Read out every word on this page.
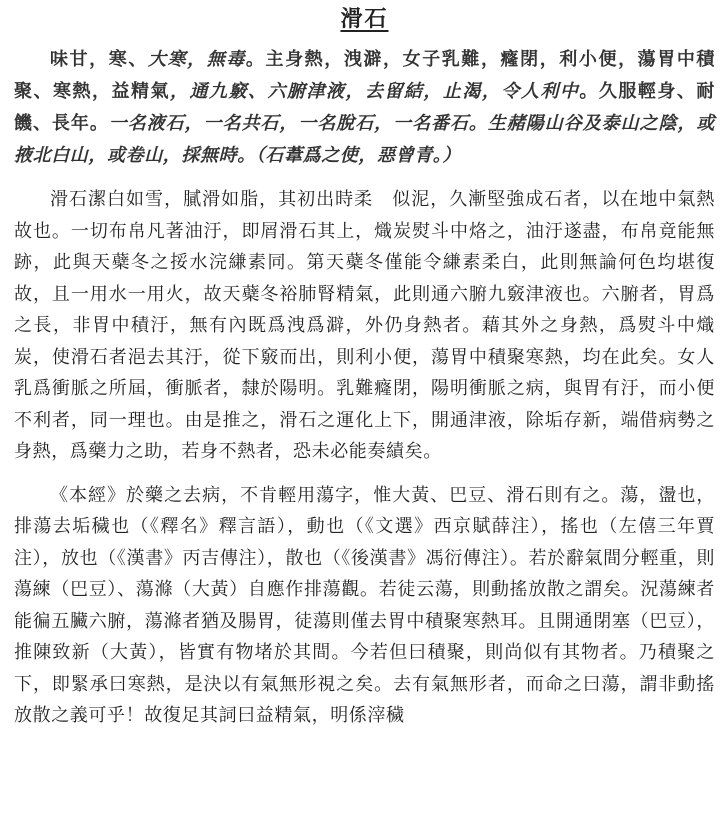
滑石

味甘，寒、大寒，無毒。主身熱，洩澼，女子乳難，癃閉，利小便，蕩胃中積聚、寒熱，益精氣，通九竅、六腑津液，去留結，止渴，令人利中。久服輕身、耐饑、長年。一名液石，一名共石，一名脫石，一名番石。生赭陽山谷及泰山之陰，或掖北白山，或卷山，採無時。（石葦爲之使，惡曾青。）

滑石潔白如雪，膩滑如脂，其初出時柔　似泥，久漸堅強成石者，以在地中氣熱故也。一切布帛凡著油汙，即屑滑石其上，熾炭熨斗中烙之，油汙遂盡，布帛竟能無跡，此與天蘗冬之挼水浣縑素同。第天蘗冬僅能令縑素柔白，此則無論何色均堪復故，且一用水一用火，故天蘗冬裕肺腎精氣，此則通六腑九竅津液也。六腑者，胃爲之長，非胃中積汙，無有內既爲洩爲澼，外仍身熱者。藉其外之身熱，爲熨斗中熾炭，使滑石者浥去其汙，從下竅而出，則利小便，蕩胃中積聚寒熱，均在此矣。女人乳爲衝脈之所屆，衝脈者，隸於陽明。乳難癃閉，陽明衝脈之病，與胃有汙，而小便不利者，同一理也。由是推之，滑石之運化上下，開通津液，除垢存新，端借病勢之身熱，爲藥力之助，若身不熱者，恐未必能奏績矣。

《本經》於藥之去病，不肯輕用蕩字，惟大黃、巴豆、滑石則有之。蕩，盪也，排蕩去垢穢也（《釋名》釋言語），動也（《文選》西京賦薛注），搖也（左僖三年賈注），放也（《漢書》丙吉傳注），散也（《後漢書》馮衍傳注）。若於辭氣間分輕重，則蕩練（巴豆）、蕩滌（大黃）自應作排蕩觀。若徒云蕩，則動搖放散之謂矣。況蕩練者能徧五臟六腑，蕩滌者猶及腸胃，徒蕩則僅去胃中積聚寒熱耳。且開通閉塞（巴豆），推陳致新（大黃），皆實有物堵於其間。今若但曰積聚，則尚似有其物者。乃積聚之下，即緊承曰寒熱，是決以有氣無形視之矣。去有氣無形者，而命之曰蕩，謂非動搖放散之義可乎！故復足其詞曰益精氣，明係滓穢
